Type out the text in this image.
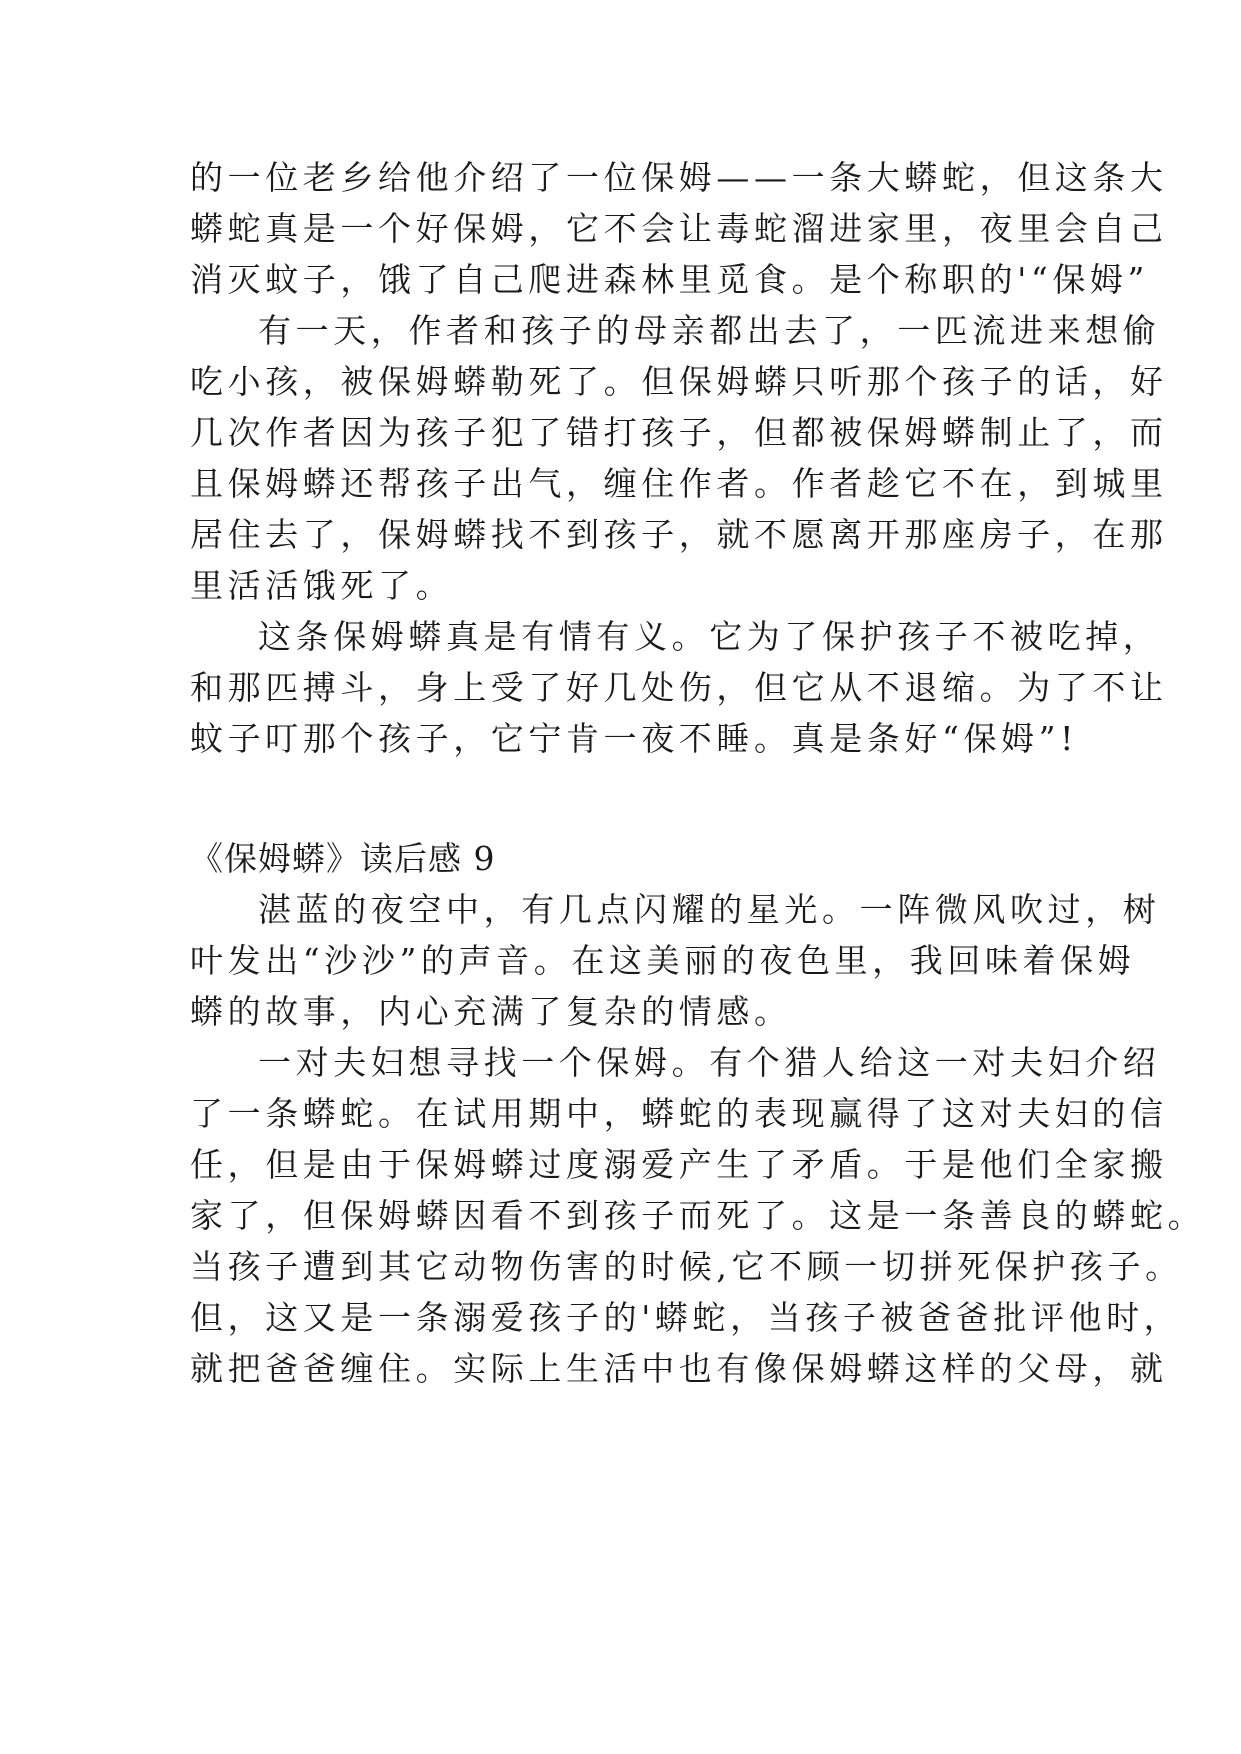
的一位老乡给他介绍了一位保姆——一条大蟒蛇，但这条大

蟒蛇真是一个好保姆，它不会让毒蛇溜进家里，夜里会自己

消灭蚊子，饿了自己爬进森林里觅食。是个称职的'“保姆”

有一天，作者和孩子的母亲都出去了，一匹流进来想偷

吃小孩，被保姆蟒勒死了。但保姆蟒只听那个孩子的话，好

几次作者因为孩子犯了错打孩子，但都被保姆蟒制止了，而

且保姆蟒还帮孩子出气，缠住作者。作者趁它不在，到城里

居住去了，保姆蟒找不到孩子，就不愿离开那座房子，在那

里活活饿死了。

这条保姆蟒真是有情有义。它为了保护孩子不被吃掉，

和那匹搏斗，身上受了好几处伤，但它从不退缩。为了不让

蚊子叮那个孩子，它宁肯一夜不睡。真是条好“保姆”!

《保姆蟒》读后感 9

湛蓝的夜空中，有几点闪耀的星光。一阵微风吹过，树

叶发出“沙沙”的声音。在这美丽的夜色里，我回味着保姆

蟒的故事，内心充满了复杂的情感。

一对夫妇想寻找一个保姆。有个猎人给这一对夫妇介绍

了一条蟒蛇。在试用期中，蟒蛇的表现赢得了这对夫妇的信

任，但是由于保姆蟒过度溺爱产生了矛盾。于是他们全家搬

家了，但保姆蟒因看不到孩子而死了。这是一条善良的蟒蛇。

当孩子遭到其它动物伤害的时候,它不顾一切拼死保护孩子。

但，这又是一条溺爱孩子的'蟒蛇，当孩子被爸爸批评他时，

就把爸爸缠住。实际上生活中也有像保姆蟒这样的父母，就
